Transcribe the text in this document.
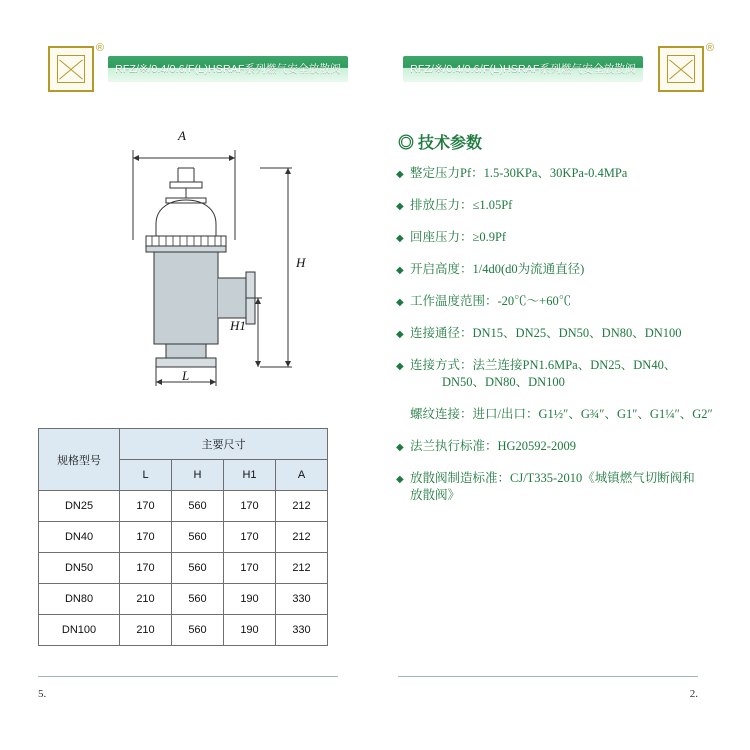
®
RFZ/※/0.4/0.6/F(L)HSRAF系列燃气安全放散阀
A
H
H1
L
规格型号	主要尺寸			
	L	H	H1	A
DN25	170	560	170	212
DN40	170	560	170	212
DN50	170	560	170	212
DN80	210	560	190	330
DN100	210	560	190	330
5.
RFZ/※/0.4/0.6/F(L)HSRAF系列燃气安全放散阀
®
◎ 技术参数
◆ 整定压力Pf：1.5-30KPa、30KPa-0.4MPa
◆ 排放压力：≤1.05Pf
◆ 回座压力：≥0.9Pf
◆ 开启高度：1/4d0(d0为流通直径)
◆ 工作温度范围：-20℃～+60℃
◆ 连接通径：DN15、DN25、DN50、DN80、DN100
◆ 连接方式：法兰连接PN1.6MPa、DN25、DN40、
DN50、DN80、DN100
螺纹连接：进口/出口：G1½″、G¾″、G1″、G1¼″、G2″
◆ 法兰执行标准：HG20592-2009
◆ 放散阀制造标准：CJ/T335-2010《城镇燃气切断阀和
放散阀》
2.
